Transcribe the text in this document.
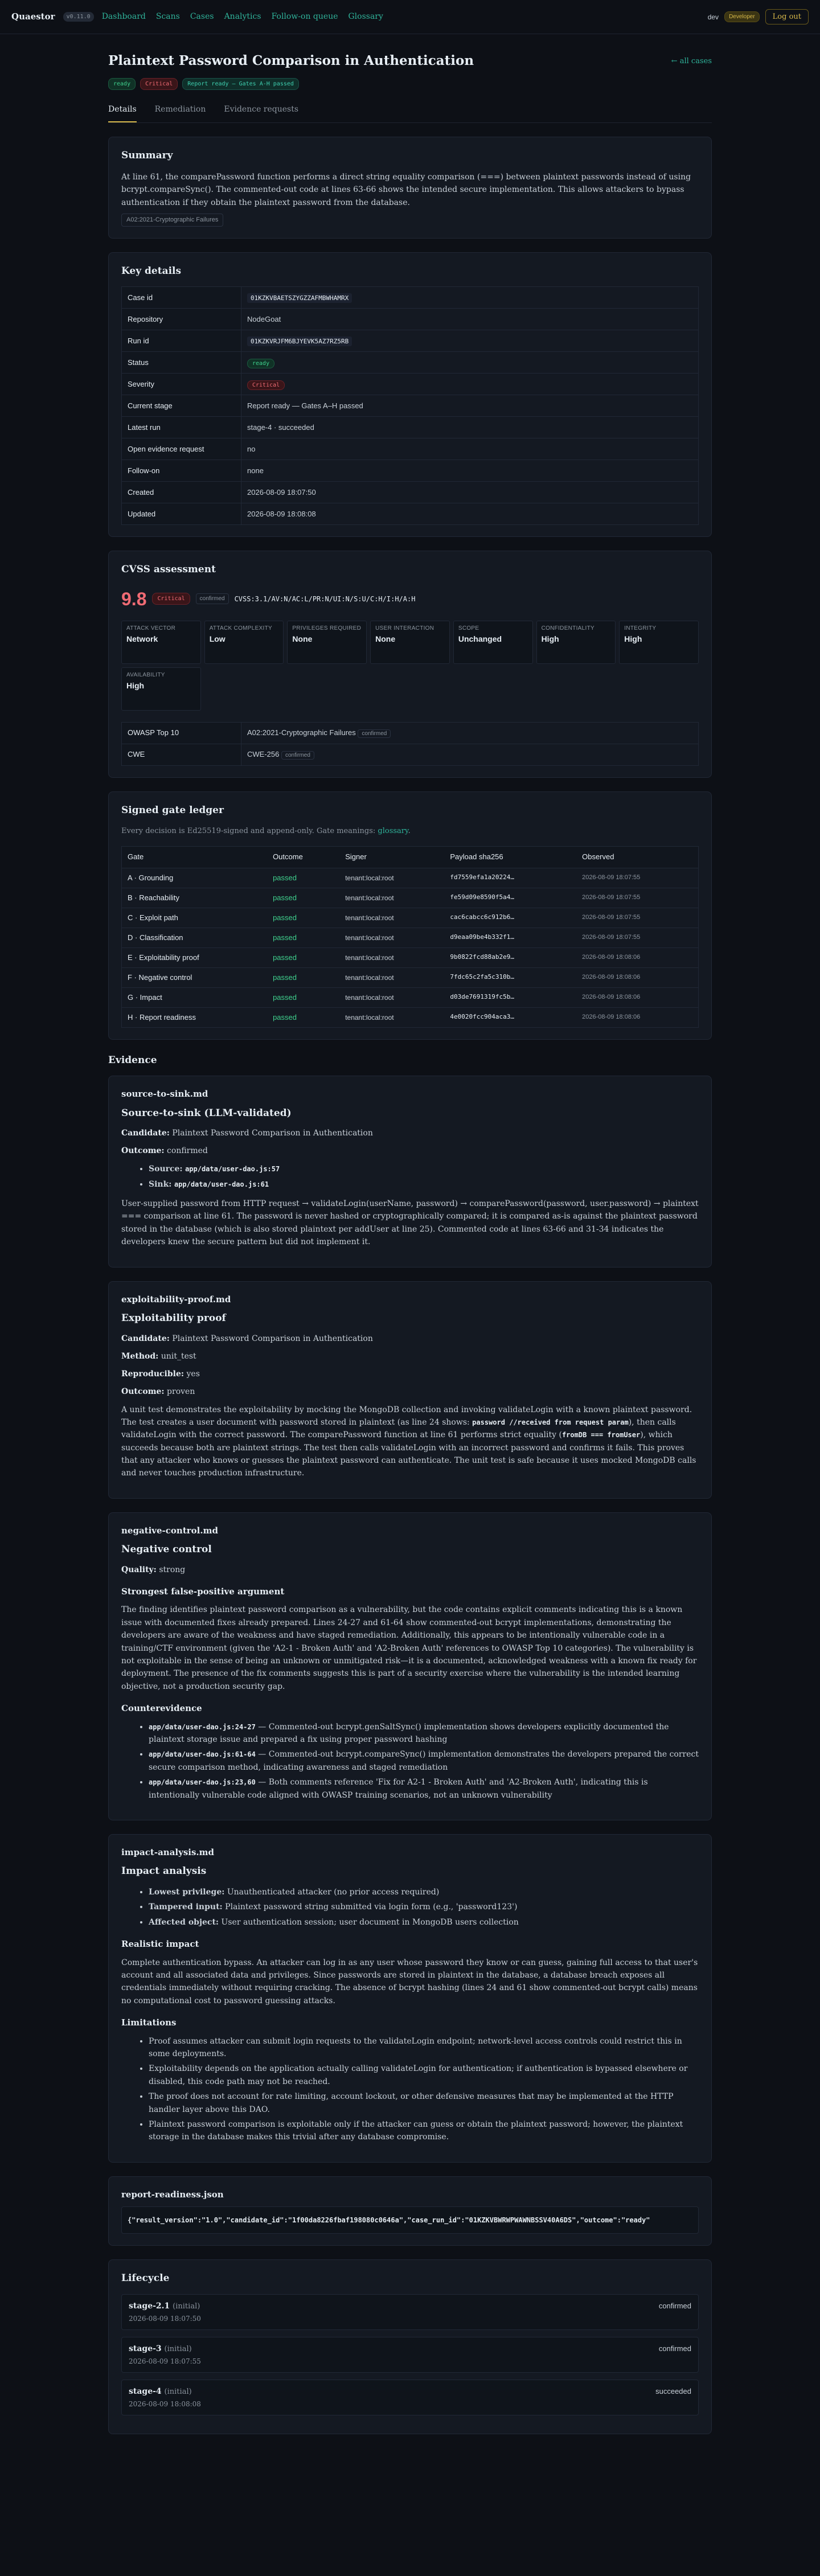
Quaestor	v0.11.0	Dashboard Scans Cases Analytics Follow-on queue Glossary	dev	Developer	Log out
Plaintext Password Comparison in Authentication	← all cases
ready	Critical	Report ready — Gates A-H passed
Details Remediation Evidence requests
Summary

At line 61, the comparePassword function performs a direct string equality comparison (===) between plaintext passwords instead of using bcrypt.compareSync(). The commented-out code at lines 63-66 shows the intended secure implementation. This allows attackers to bypass authentication if they obtain the plaintext password from the database.

A02:2021-Cryptographic Failures
Key details
Case id	01KZKVBAETSZYGZZAFMBWHAMRX
Repository	NodeGoat
Run id	01KZKVRJFM6BJYEVK5AZ7RZ5RB
Status	ready
Severity	Critical
Current stage	Report ready — Gates A–H passed
Latest run	stage-4 · succeeded
Open evidence request	no
Follow-on	none
Created	2026-08-09 18:07:50
Updated	2026-08-09 18:08:08
CVSS assessment
9.8	Critical	confirmed	CVSS:3.1/AV:N/AC:L/PR:N/UI:N/S:U/C:H/I:H/A:H
ATTACK VECTOR
Network
ATTACK COMPLEXITY
Low
PRIVILEGES REQUIRED
None
USER INTERACTION
None
SCOPE
Unchanged
CONFIDENTIALITY
High
INTEGRITY
High
AVAILABILITY
High
OWASP Top 10	A02:2021-Cryptographic Failures confirmed
CWE	CWE-256 confirmed
Signed gate ledger
Every decision is Ed25519-signed and append-only. Gate meanings: glossary.
Gate	Outcome	Signer	Payload sha256	Observed
A · Grounding	passed	tenant:local:root	fd7559efa1a20224…	2026-08-09 18:07:55
B · Reachability	passed	tenant:local:root	fe59d09e8590f5a4…	2026-08-09 18:07:55
C · Exploit path	passed	tenant:local:root	cac6cabcc6c912b6…	2026-08-09 18:07:55
D · Classification	passed	tenant:local:root	d9eaa09be4b332f1…	2026-08-09 18:07:55
E · Exploitability proof	passed	tenant:local:root	9b0822fcd88ab2e9…	2026-08-09 18:08:06
F · Negative control	passed	tenant:local:root	7fdc65c2fa5c310b…	2026-08-09 18:08:06
G · Impact	passed	tenant:local:root	d03de7691319fc5b…	2026-08-09 18:08:06
H · Report readiness	passed	tenant:local:root	4e0020fcc904aca3…	2026-08-09 18:08:06
Evidence
source-to-sink.md
Source-to-sink (LLM-validated)
Candidate: Plaintext Password Comparison in Authentication
Outcome: confirmed
• Source: app/data/user-dao.js:57
• Sink: app/data/user-dao.js:61

User-supplied password from HTTP request → validateLogin(userName, password) → comparePassword(password, user.password) → plaintext === comparison at line 61. The password is never hashed or cryptographically compared; it is compared as-is against the plaintext password stored in the database (which is also stored plaintext per addUser at line 25). Commented code at lines 63-66 and 31-34 indicates the developers knew the secure pattern but did not implement it.

exploitability-proof.md
Exploitability proof
Candidate: Plaintext Password Comparison in Authentication
Method: unit_test
Reproducible: yes
Outcome: proven

A unit test demonstrates the exploitability by mocking the MongoDB collection and invoking validateLogin with a known plaintext password. The test creates a user document with password stored in plaintext (as line 24 shows: password //received from request param), then calls validateLogin with the correct password. The comparePassword function at line 61 performs strict equality (fromDB === fromUser), which succeeds because both are plaintext strings. The test then calls validateLogin with an incorrect password and confirms it fails. This proves that any attacker who knows or guesses the plaintext password can authenticate. The unit test is safe because it uses mocked MongoDB calls and never touches production infrastructure.

negative-control.md
Negative control
Quality: strong
Strongest false-positive argument

The finding identifies plaintext password comparison as a vulnerability, but the code contains explicit comments indicating this is a known issue with documented fixes already prepared. Lines 24-27 and 61-64 show commented-out bcrypt implementations, demonstrating the developers are aware of the weakness and have staged remediation. Additionally, this appears to be intentionally vulnerable code in a training/CTF environment (given the 'A2-1 - Broken Auth' and 'A2-Broken Auth' references to OWASP Top 10 categories). The vulnerability is not exploitable in the sense of being an unknown or unmitigated risk—it is a documented, acknowledged weakness with a known fix ready for deployment. The presence of the fix comments suggests this is part of a security exercise where the vulnerability is the intended learning objective, not a production security gap.

Counterevidence
• app/data/user-dao.js:24-27 — Commented-out bcrypt.genSaltSync() implementation shows developers explicitly documented the plaintext storage issue and prepared a fix using proper password hashing
• app/data/user-dao.js:61-64 — Commented-out bcrypt.compareSync() implementation demonstrates the developers prepared the correct secure comparison method, indicating awareness and staged remediation
• app/data/user-dao.js:23,60 — Both comments reference 'Fix for A2-1 - Broken Auth' and 'A2-Broken Auth', indicating this is intentionally vulnerable code aligned with OWASP training scenarios, not an unknown vulnerability
impact-analysis.md
Impact analysis
• Lowest privilege: Unauthenticated attacker (no prior access required)
• Tampered input: Plaintext password string submitted via login form (e.g., 'password123')
• Affected object: User authentication session; user document in MongoDB users collection
Realistic impact

Complete authentication bypass. An attacker can log in as any user whose password they know or can guess, gaining full access to that user's account and all associated data and privileges. Since passwords are stored in plaintext in the database, a database breach exposes all credentials immediately without requiring cracking. The absence of bcrypt hashing (lines 24 and 61 show commented-out bcrypt calls) means no computational cost to password guessing attacks.

Limitations
• Proof assumes attacker can submit login requests to the validateLogin endpoint; network-level access controls could restrict this in some deployments.
• Exploitability depends on the application actually calling validateLogin for authentication; if authentication is bypassed elsewhere or disabled, this code path may not be reached.
• The proof does not account for rate limiting, account lockout, or other defensive measures that may be implemented at the HTTP handler layer above this DAO.
• Plaintext password comparison is exploitable only if the attacker can guess or obtain the plaintext password; however, the plaintext storage in the database makes this trivial after any database compromise.
report-readiness.json
{"result_version":"1.0","candidate_id":"1f00da8226fbaf198080c0646a","case_run_id":"01KZKVBWRWPWAWNBSSV40A6DS","outcome":"ready"
Lifecycle
stage-2.1 (initial)
2026-08-09 18:07:50
confirmed
stage-3 (initial)
2026-08-09 18:07:55
confirmed
stage-4 (initial)
2026-08-09 18:08:08
succeeded
